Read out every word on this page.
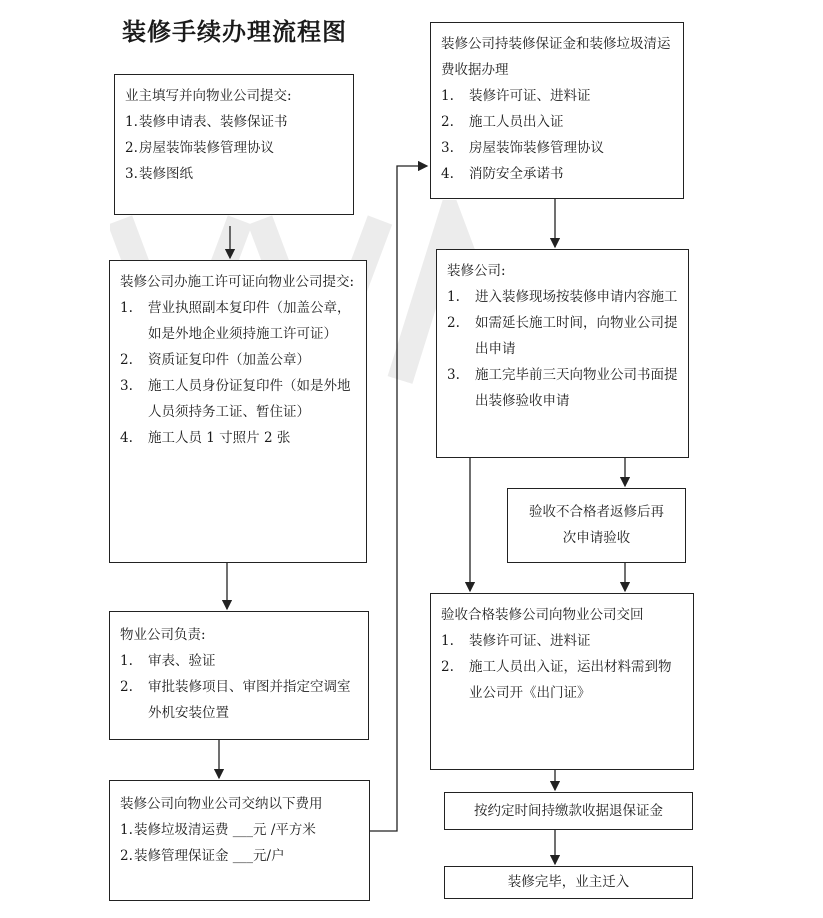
装修手续办理流程图
业主填写并向物业公司提交:
1. 装修申请表、装修保证书
2. 房屋装饰装修管理协议
3. 装修图纸
装修公司办施工许可证向物业公司提交:
1.	营业执照副本复印件（加盖公章，如是外地企业须持施工许可证）
2.	资质证复印件（加盖公章）
3.	施工人员身份证复印件（如是外地人员须持务工证、暂住证）
4.	施工人员 1 寸照片 2 张
物业公司负责:
1.	审表、验证
2.	审批装修项目、审图并指定空调室外机安装位置
装修公司向物业公司交纳以下费用
1. 装修垃圾清运费 ___元 /平方米
2. 装修管理保证金 ___元/户
装修公司持装修保证金和装修垃圾清运费收据办理
1.	装修许可证、进料证
2.	施工人员出入证
3.	房屋装饰装修管理协议
4.	消防安全承诺书
装修公司:
1.	进入装修现场按装修申请内容施工
2.	如需延长施工时间，向物业公司提出申请
3.	施工完毕前三天向物业公司书面提出装修验收申请
验收不合格者返修后再次申请验收
验收合格装修公司向物业公司交回
1.	装修许可证、进料证
2.	施工人员出入证，运出材料需到物业公司开《出门证》
按约定时间持缴款收据退保证金
装修完毕，业主迁入
